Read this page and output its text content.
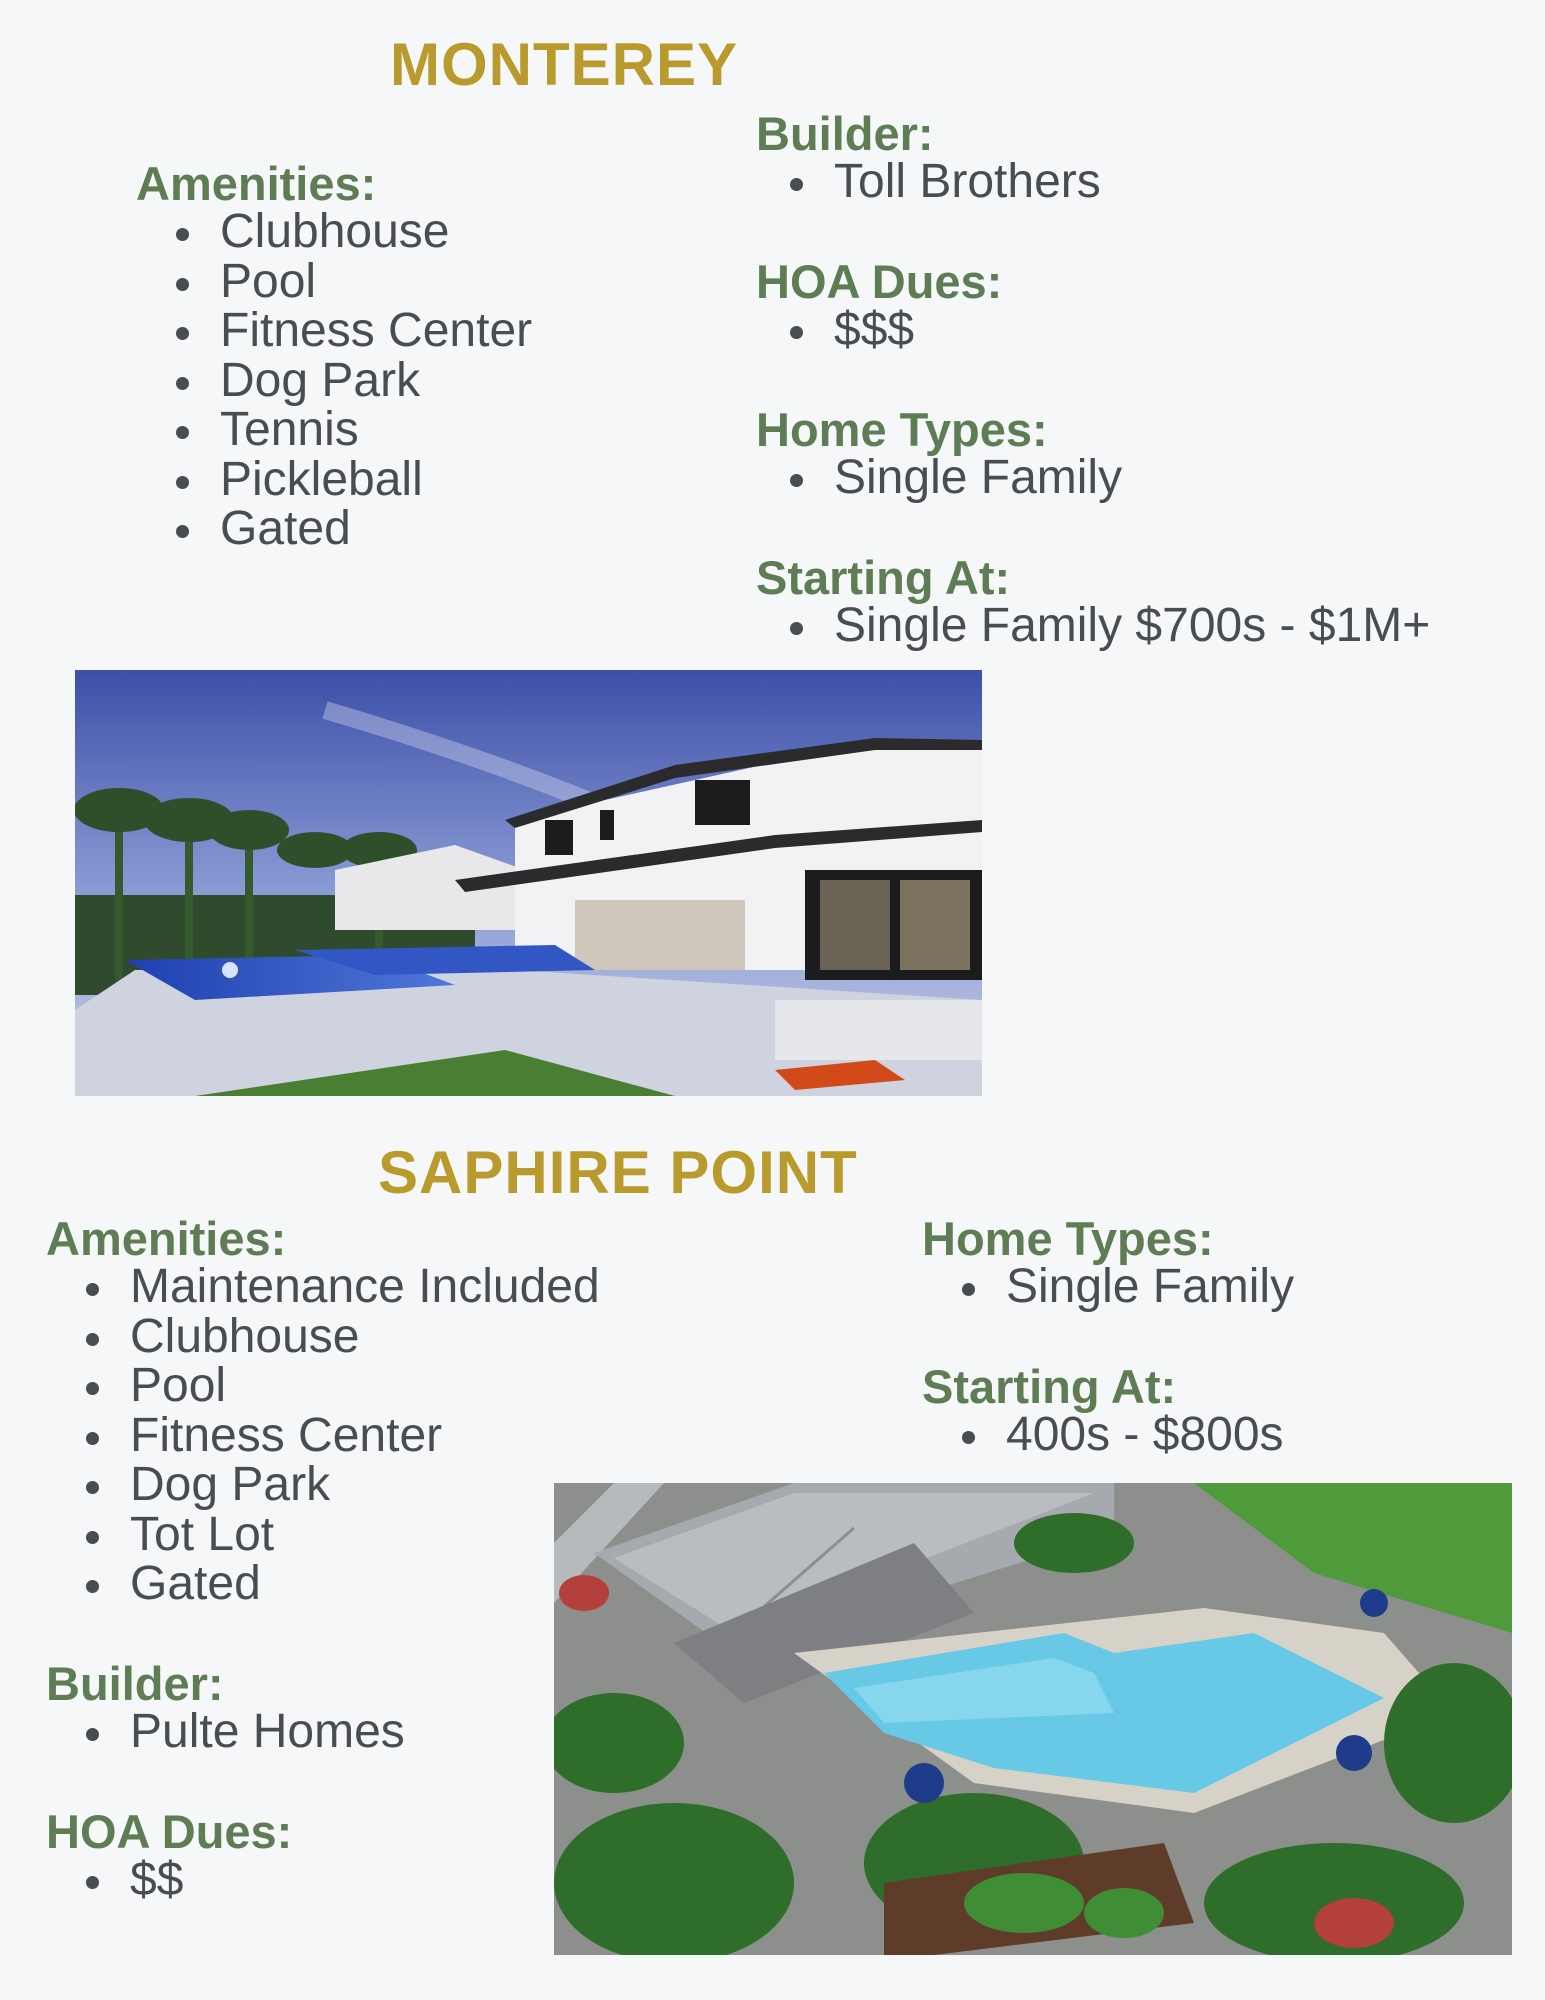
MONTEREY
Amenities:
Clubhouse
Pool
Fitness Center
Dog Park
Tennis
Pickleball
Gated
Builder:
Toll Brothers
HOA Dues:
$$$
Home Types:
Single Family
Starting At:
Single Family $700s - $1M+
SAPHIRE POINT
Amenities:
Maintenance Included
Clubhouse
Pool
Fitness Center
Dog Park
Tot Lot
Gated
Builder:
Pulte Homes
HOA Dues:
$$
Home Types:
Single Family
Starting At:
400s - $800s
